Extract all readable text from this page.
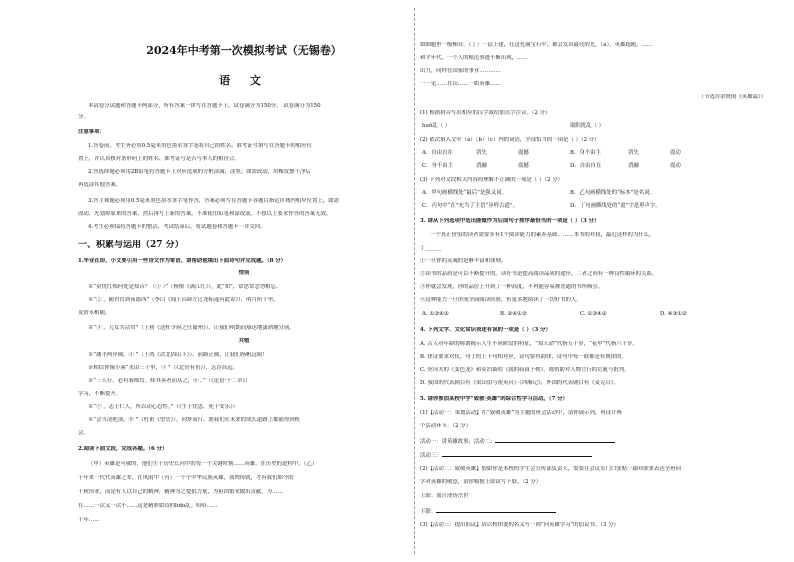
2024年中考第一次模拟考试（无锡卷）
语 文
本试卷分试题和答题卡两部分，所有答案一律写在答题卡上。试卷满分为150分。 试卷满分为150
分。
注意事项：
1.答卷前，考生务必用0.5毫米黑色墨水签字笔将自己的姓名、准考证号填写在答题卡的相应位
置上，并认真核对条形码上的姓名、准考证号是否与本人的相符合。
2.答选择题必须用2B铅笔将答题卡上对应选项的方框涂满、涂黑；如需改动，用橡皮擦干净后
再选涂其他答案。
3.答主观题必须用0.5毫米黑色墨水签字笔作答，答案必须写在答题卡各题目指定区域内相应位置上，如需
改动，先划掉原来的答案，然后再写上新的答案。不准使用铅笔和涂改液。不按以上要求作答的答案无效。
4.考生必须保持答题卡的整洁，考试结束后，将试题卷和答题卡一并交回。
一、积累与运用（27 分）
1.毕业在即，小文要引用一些诗文作为寄语。请帮助他填出下面诗句并完成题。（8 分）
惜别
※“莫忧红烛何处是知音？（① ）”（杨慎《满江红》），此“知”，常思常念勿相忘。
※“② ，随君直到夜郎西”（李白《闻王昌龄左迁龙标遥有此寄》），明月照千里，
友情永相随。
※“③ ，儿女共沾巾”（王勃《送杜少府之任蜀州》），让我们明朗而豁达地潇洒地分别。
共勉
※“潮平两岸阔，④ ”（王湾《次北固山下》），前路正阔，让我们扬帆远航！
※相信你像小溪“水由三千里，⑤ ”（《北冥有鱼》），志存高远。
※“三人行，必有我师焉。择其善者而从之，⑥ 。”（《论语·十二章》）
学习，不断提升。
※“⑦ ，志士仁人，所以动心忍性。”（《生于忧患，死于安乐》）
※“会当凌绝顶，⑧ ”（杜甫《望岳》），向梦而行，愿我们在未来的成长道路上都能得到机
会。
2.阅读下面文段，完成各题。（6 分）
（甲）英雄是可敬的，他们生于历史长河中的每一个关键时刻……英雄，在历史的进程中，（乙）
千年来一代代英雄之辈，在风雨中（丙）一个个中华民族英雄，血肉铸就，才有我们如今的
千秋伟业，而是有人以自己的精神，精神为之提供力量，为祖国繁荣做出贡献，为……
在……一次又一次不……这是精彩如诗的lido乱。哈哈……
千年……
如细胞里一级梯台，（丁）一层上建，在这充满宝石中，都会发出最亮的光。（a），英雄跑跑，……
和平年代，一个人的模范事迹不断出现，……
出力，同样在国家的事业…………
一一见……在山……一如英雄……
（节选自余秋雨《英雄篇》）
(1) 根据拼音写出相应的汉字或给加点字注音。（2 分）
huō乱（ ）	取阳扰乱（ ）
(2) 依次填入文中（a）（b）（c）内的词语，全部恰当的一项是（ ）（2 分）
A．自由自在	消失	震撼	B．身不由主	消失	震动
C．身不由主	消融	震撼	D．自由自在	消融	震动
(3) 下列对文段相关内容的理解不正确的一项是（ ）（2 分）
A．甲句画横线处“最后”是强又词。	B．乙句画横线处的“标本”是名词。
C．丙句中“在”充当了主语“异样古道”。	D．丁句画横线处的“更”字是形声字。
3. 请从下列选项中选出能做作为后面句子排序最恰当的一项是（ ）（3 分）
一个真正价值的读者需要多有1个阅读能力的素养基础，……本书的对我，最近这样的为什么，
了______
①一旦你的灵魂的是够丰富和深刻。
②读书的品质是可以不断提升的。读好书是提高阅读品质的途径，二者之间有一种良性循环的关系。
③你就会发现，你的品位上升到了一种高度，不再能容易被普通的书所吸引。
④这种能力一旦形成全面阅读经验，但更多地阅读了一切好书的人。
A. ①③④②	B. ②④①③	C. ①③④②	D. ④③①②
4. 下列文学、文化常识表述有误的一项是（ ）（3 分）
A. 古人对年龄的称谓揭示人生不同阶段的特征，“知天命”代指五十岁，“花甲”代指六十岁。
B. 律诗要求对仗，句子的上下句相对应，诗句要有韵律，诗句中每一联都是有规律的。
C. 契诃夫的《变色龙》和莫泊桑的《我的叔叔于勒》，都借助对人物言行的荒诞与批判。
D. 我国的代表剧目有《梁山伯与祝英台》《西厢记》，外国的代表剧目有《麦克白》。
5. 请你参加某校中学“致敬·英雄”的综合性学习活动。（7 分）
(1)【活动一：策划活动】在“致敬英雄”为主题的班会活动中，请你展示列，再设计两
个活动环节。（2 分）
活动一：讲英雄故事；活动二：
活动三：
(2)【活动二：致敬英雄】假如你是本校的学生会宣传部负责人，需要在会议室门口张贴一副对联来表达全班同
学对英雄的敬意，请你根据上联试写下联。（2 分）
上联：血汗浇铸岳世
下联：
(3)【活动三：提出倡议】请以校团委的名义写一则“向英雄学习”的倡议书。（3 分）
